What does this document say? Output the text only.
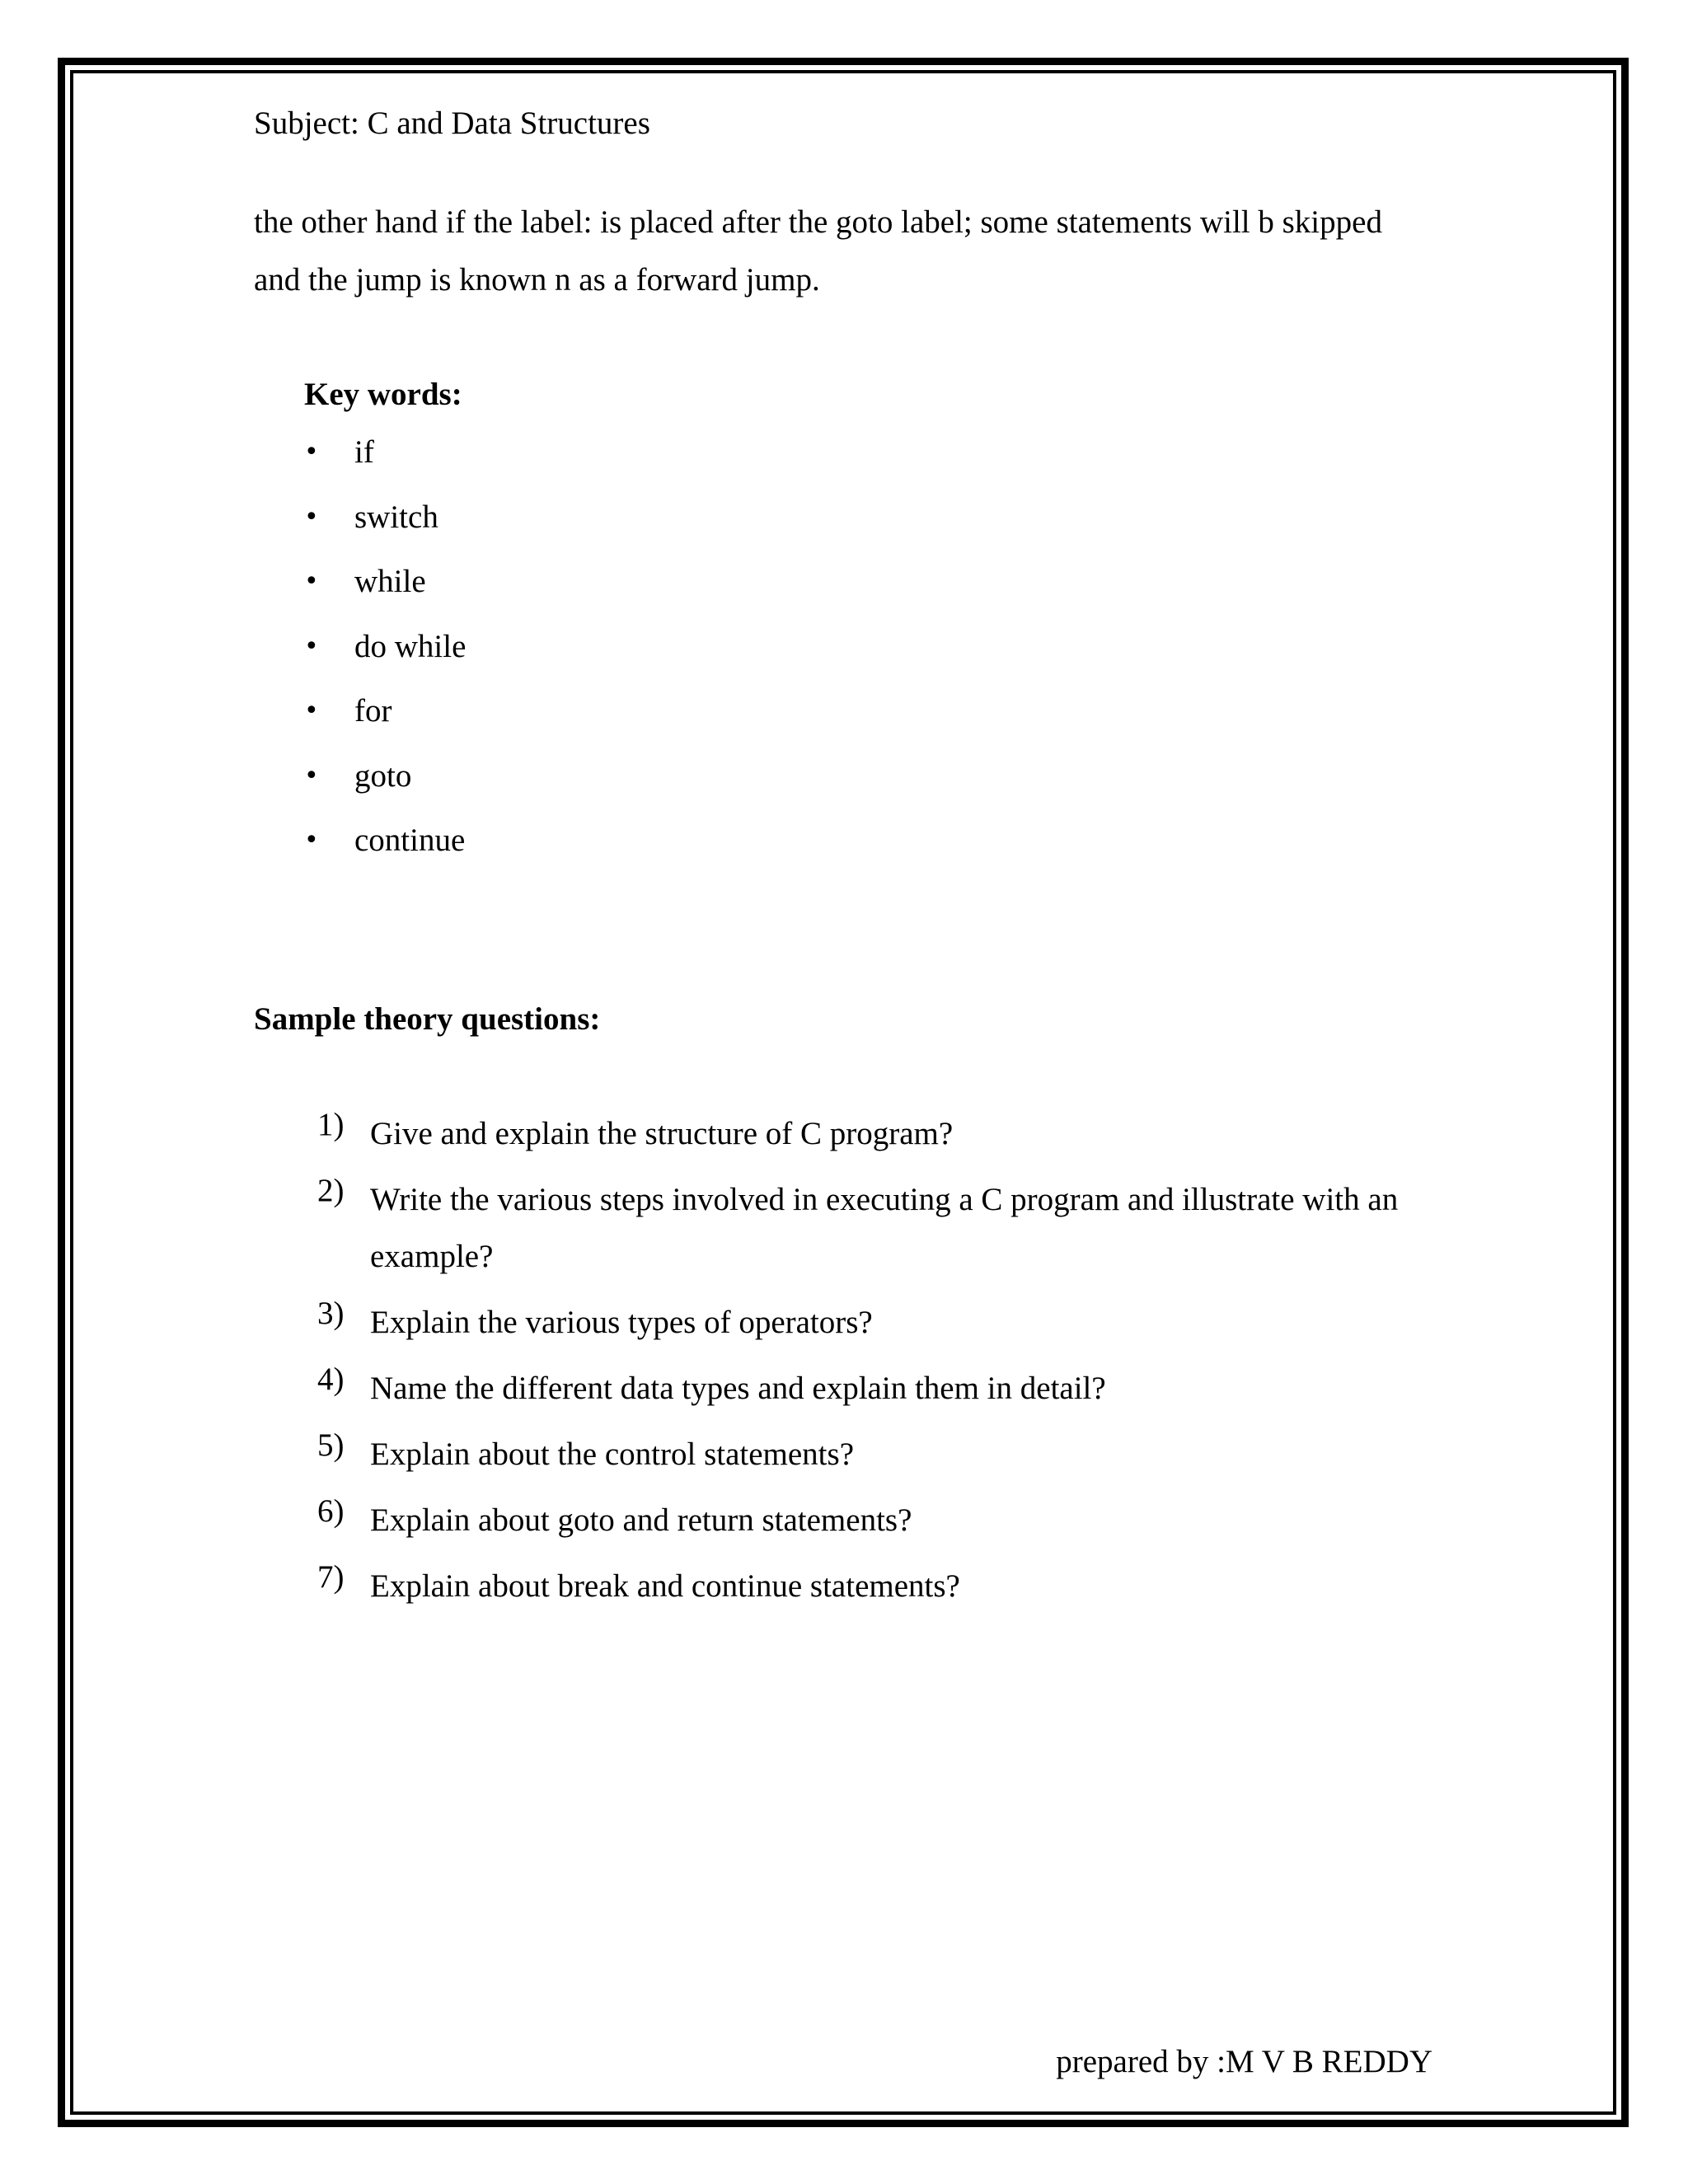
Subject: C and Data Structures
the other hand if the label: is placed after the goto label; some statements will b skipped
and the jump is known n as a forward jump.
Key words:
• if
• switch
• while
• do while
• for
• goto
• continue
Sample theory questions:
1) Give and explain the structure of C program?
2) Write the various steps involved in executing a C program and illustrate with an example?
3) Explain the various types of operators?
4) Name the different data types and explain them in detail?
5) Explain about the control statements?
6) Explain about goto and return statements?
7) Explain about break and continue statements?
prepared by :M V B REDDY
